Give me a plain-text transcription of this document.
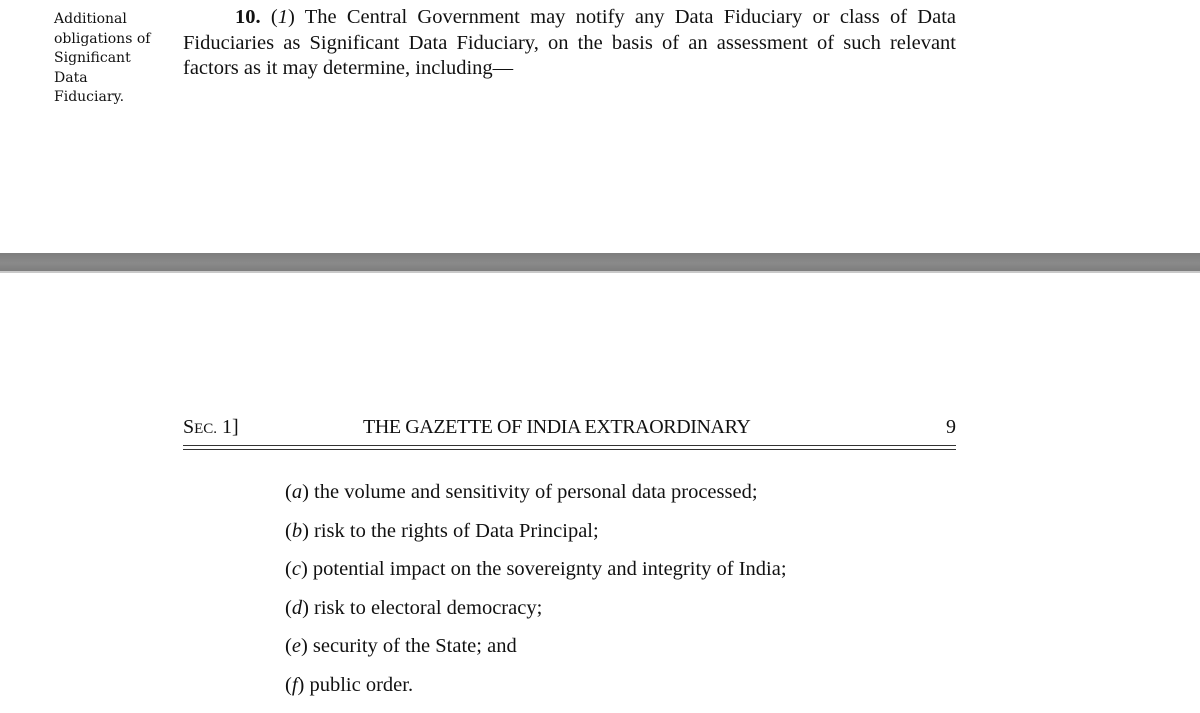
Additional
obligations of
Significant
Data
Fiduciary.
10. (1) The Central Government may notify any Data Fiduciary or class of Data
Fiduciaries as Significant Data Fiduciary, on the basis of an assessment of such relevant
factors as it may determine, including—
SEC. 1]	THE GAZETTE OF INDIA EXTRAORDINARY	9
(a) the volume and sensitivity of personal data processed;
(b) risk to the rights of Data Principal;
(c) potential impact on the sovereignty and integrity of India;
(d) risk to electoral democracy;
(e) security of the State; and
(f) public order.
